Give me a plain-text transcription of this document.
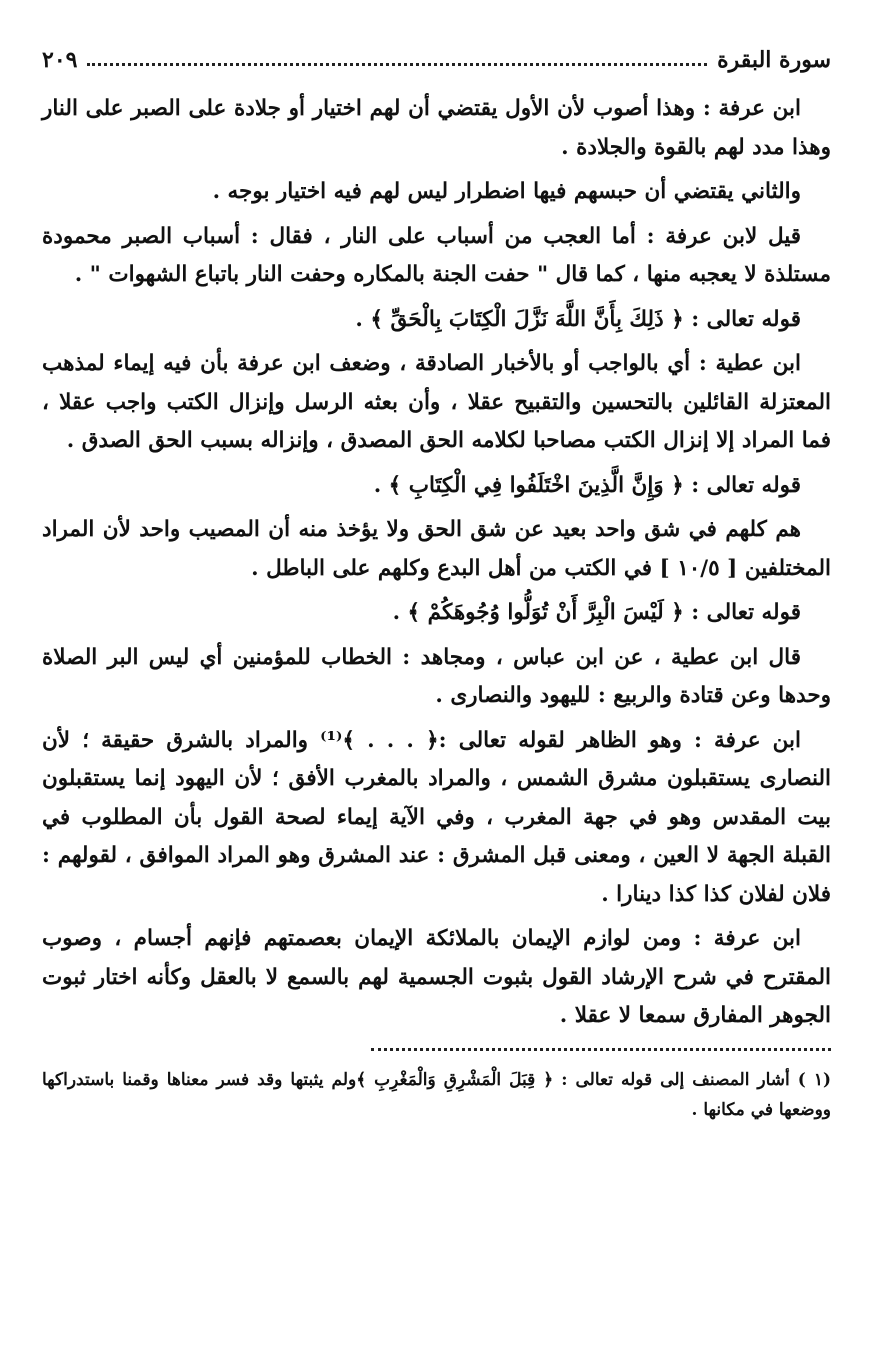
سورة البقرة
٢٠٩

ابن عرفة : وهذا أصوب لأن الأول يقتضي أن لهم اختيار أو جلادة على الصبر على النار وهذا مدد لهم بالقوة والجلادة .

والثاني يقتضي أن حبسهم فيها اضطرار ليس لهم فيه اختيار بوجه .

قيل لابن عرفة : أما العجب من أسباب على النار ، فقال : أسباب الصبر محمودة مستلذة لا يعجبه منها ، كما قال " حفت الجنة بالمكاره وحفت النار باتباع الشهوات " .

قوله تعالى : ﴿ ذَلِكَ بِأَنَّ اللَّهَ نَزَّلَ الْكِتَابَ بِالْحَقِّ ﴾ .

ابن عطية : أي بالواجب أو بالأخبار الصادقة ، وضعف ابن عرفة بأن فيه إيماء لمذهب المعتزلة القائلين بالتحسين والتقبيح عقلا ، وأن بعثه الرسل وإنزال الكتب واجب عقلا ، فما المراد إلا إنزال الكتب مصاحبا لكلامه الحق المصدق ، وإنزاله بسبب الحق الصدق .

قوله تعالى : ﴿ وَإِنَّ الَّذِينَ اخْتَلَفُوا فِي الْكِتَابِ ﴾ .

هم كلهم في شق واحد بعيد عن شق الحق ولا يؤخذ منه أن المصيب واحد لأن المراد المختلفين [ ١٠/٥ ] في الكتب من أهل البدع وكلهم على الباطل .

قوله تعالى : ﴿ لَيْسَ الْبِرَّ أَنْ تُوَلُّوا وُجُوهَكُمْ ﴾ .

قال ابن عطية ، عن ابن عباس ، ومجاهد : الخطاب للمؤمنين أي ليس البر الصلاة وحدها وعن قتادة والربيع : لليهود والنصارى .

ابن عرفة : وهو الظاهر لقوله تعالى :﴿ . . . ﴾⁽¹⁾ والمراد بالشرق حقيقة ؛ لأن النصارى يستقبلون مشرق الشمس ، والمراد بالمغرب الأفق ؛ لأن اليهود إنما يستقبلون بيت المقدس وهو في جهة المغرب ، وفي الآية إيماء لصحة القول بأن المطلوب في القبلة الجهة لا العين ، ومعنى قبل المشرق : عند المشرق وهو المراد الموافق ، لقولهم : فلان لفلان كذا كذا دينارا .

ابن عرفة : ومن لوازم الإيمان بالملائكة الإيمان بعصمتهم فإنهم أجسام ، وصوب المقترح في شرح الإرشاد القول بثبوت الجسمية لهم بالسمع لا بالعقل وكأنه اختار ثبوت الجوهر المفارق سمعا لا عقلا .

(١ ) أشار المصنف إلى قوله تعالى : ﴿ قِبَلَ الْمَشْرِقِ وَالْمَغْرِبِ ﴾ولم يثبتها وقد فسر معناها وقمنا باستدراكها ووضعها في مكانها .
